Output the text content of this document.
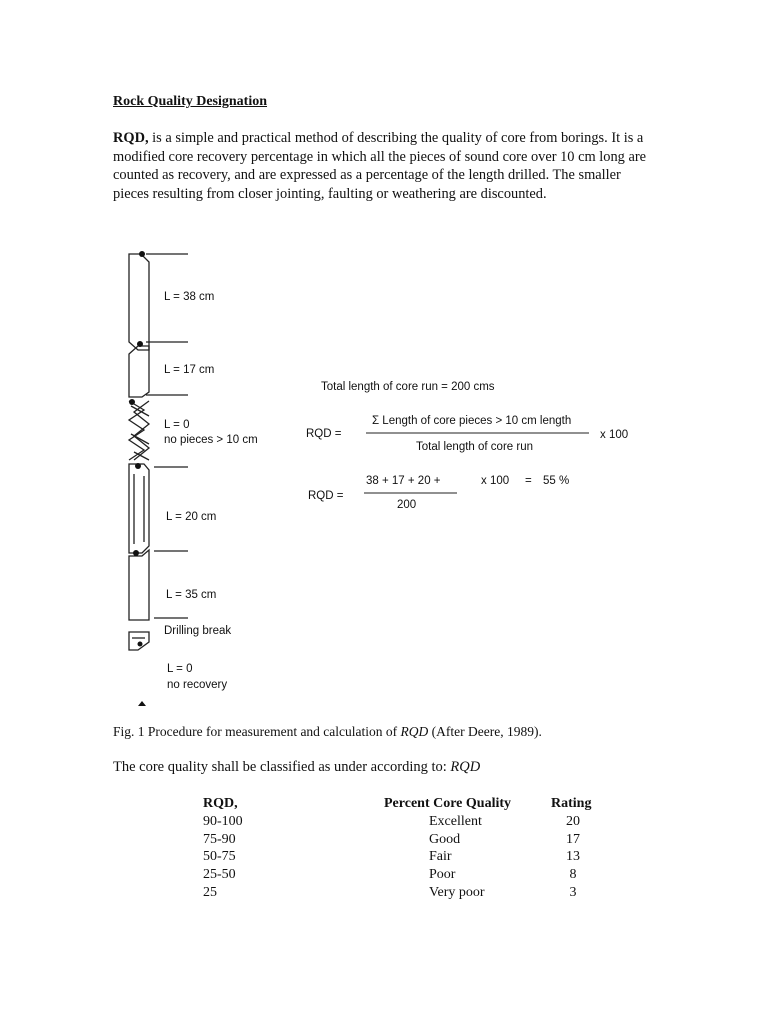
Rock Quality Designation

RQD, is a simple and practical method of describing the quality of core from borings. It is a modified core recovery percentage in which all the pieces of sound core over 10 cm long are counted as recovery, and are expressed as a percentage of the length drilled. The smaller pieces resulting from closer jointing, faulting or weathering are discounted.

L = 38 cm
L = 17 cm
L = 0
no pieces > 10 cm
L = 20 cm
L = 35 cm
Drilling break
L = 0
no recovery
Total length of core run = 200 cms
RQD =
Σ Length of core pieces > 10 cm length
Total length of core run
x 100
RQD =
38 + 17 + 20 +
200
x 100 = 55 %

Fig. 1 Procedure for measurement and calculation of RQD (After Deere, 1989).

The core quality shall be classified as under according to: RQD

RQD,	Percent Core Quality	Rating
90-100	Excellent	20
75-90	Good	17
50-75	Fair	13
25-50	Poor	8
25	Very poor	3
